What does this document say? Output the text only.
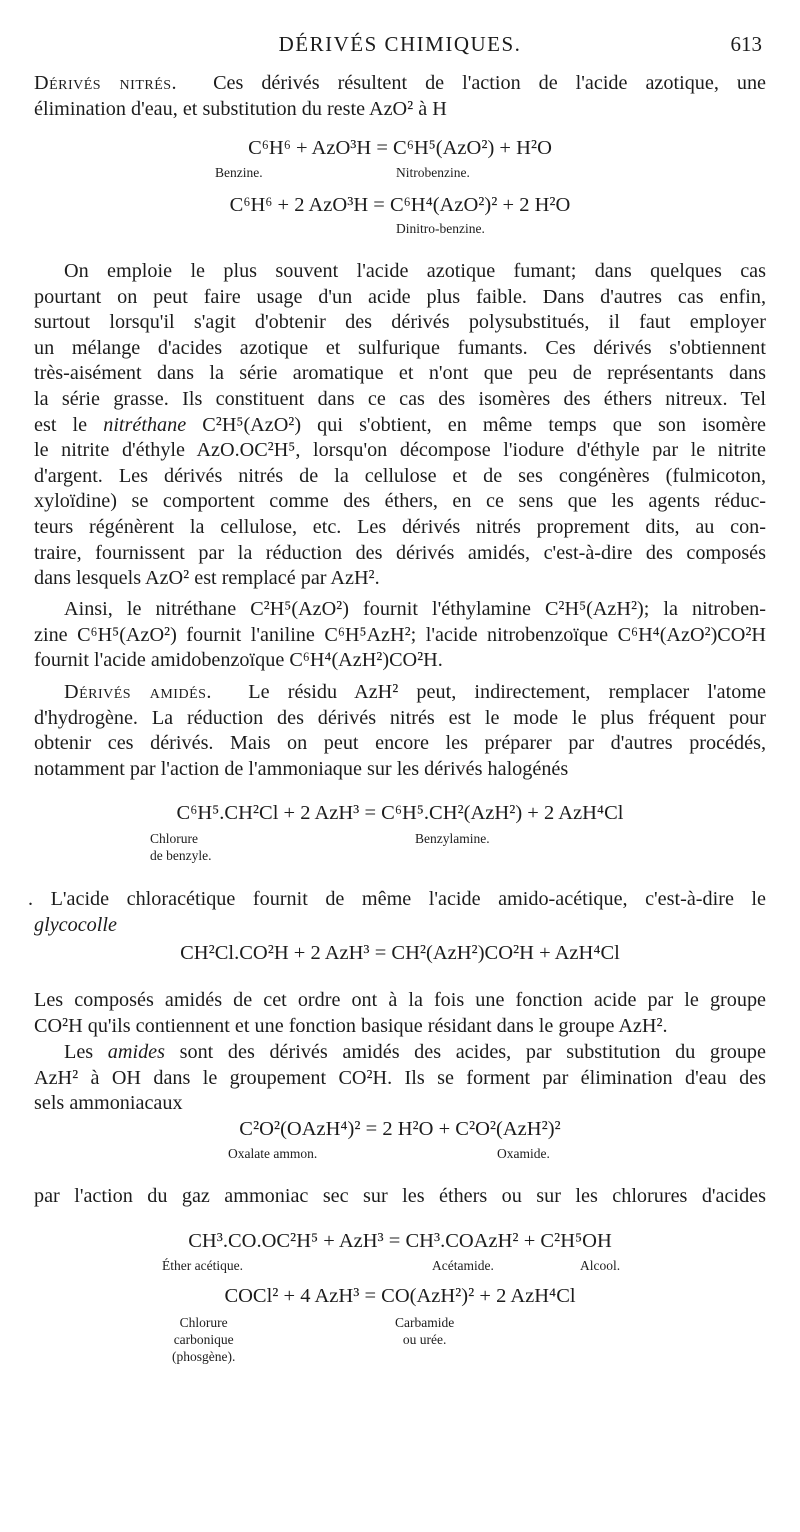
DÉRIVÉS CHIMIQUES.	613

Dérivés nitrés. Ces dérivés résultent de l'action de l'acide azotique, une
élimination d'eau, et substitution du reste AzO² à H

C⁶H⁶ + AzO³H = C⁶H⁵(AzO²) + H²O
Benzine.	Nitrobenzine.
C⁶H⁶ + 2 AzO³H = C⁶H⁴(AzO²)² + 2 H²O
Dinitro-benzine.

On emploie le plus souvent l'acide azotique fumant; dans quelques cas
pourtant on peut faire usage d'un acide plus faible. Dans d'autres cas enfin,
surtout lorsqu'il s'agit d'obtenir des dérivés polysubstitués, il faut employer
un mélange d'acides azotique et sulfurique fumants. Ces dérivés s'obtiennent
très-aisément dans la série aromatique et n'ont que peu de représentants dans
la série grasse. Ils constituent dans ce cas des isomères des éthers nitreux. Tel
est le nitréthane C²H⁵(AzO²) qui s'obtient, en même temps que son isomère
le nitrite d'éthyle AzO.OC²H⁵, lorsqu'on décompose l'iodure d'éthyle par le nitrite
d'argent. Les dérivés nitrés de la cellulose et de ses congénères (fulmicoton,
xyloïdine) se comportent comme des éthers, en ce sens que les agents réduc-
teurs régénèrent la cellulose, etc. Les dérivés nitrés proprement dits, au con-
traire, fournissent par la réduction des dérivés amidés, c'est-à-dire des composés
dans lesquels AzO² est remplacé par AzH².

Ainsi, le nitréthane C²H⁵(AzO²) fournit l'éthylamine C²H⁵(AzH²); la nitroben-
zine C⁶H⁵(AzO²) fournit l'aniline C⁶H⁵AzH²; l'acide nitrobenzoïque C⁶H⁴(AzO²)CO²H
fournit l'acide amidobenzoïque C⁶H⁴(AzH²)CO²H.

Dérivés amidés. Le résidu AzH² peut, indirectement, remplacer l'atome
d'hydrogène. La réduction des dérivés nitrés est le mode le plus fréquent pour
obtenir ces dérivés. Mais on peut encore les préparer par d'autres procédés,
notamment par l'action de l'ammoniaque sur les dérivés halogénés

C⁶H⁵.CH²Cl + 2 AzH³ = C⁶H⁵.CH²(AzH²) + 2 AzH⁴Cl
Chlorure
de benzyle.
Benzylamine.

. L'acide chloracétique fournit de même l'acide amido-acétique, c'est-à-dire le
glycocolle

CH²Cl.CO²H + 2 AzH³ = CH²(AzH²)CO²H + AzH⁴Cl

Les composés amidés de cet ordre ont à la fois une fonction acide par le groupe
CO²H qu'ils contiennent et une fonction basique résidant dans le groupe AzH².

Les amides sont des dérivés amidés des acides, par substitution du groupe
AzH² à OH dans le groupement CO²H. Ils se forment par élimination d'eau des
sels ammoniacaux

C²O²(OAzH⁴)² = 2 H²O + C²O²(AzH²)²
Oxalate ammon.	Oxamide.

par l'action du gaz ammoniac sec sur les éthers ou sur les chlorures d'acides

CH³.CO.OC²H⁵ + AzH³ = CH³.COAzH² + C²H⁵OH
Éther acétique.	Acétamide.	Alcool.
COCl² + 4 AzH³ = CO(AzH²)² + 2 AzH⁴Cl
Chlorure
carbonique
(phosgène).
Carbamide
ou urée.
